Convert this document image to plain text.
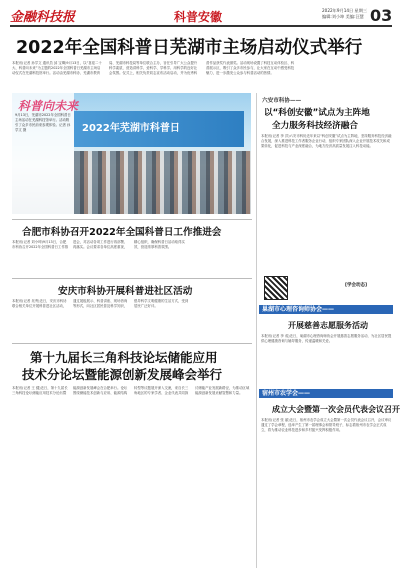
金融科技报	科普安徽	2022年9月14日 星期三
编辑:刘小坤 美编:汪慧 03
2022年全国科普日芜湖市主场启动仪式举行
本报讯(记者 孙学文 通讯员 邱 宝卿)9月13日，以“喜迎二十大、科普向未来”为主题的2022年全国科普日芜湖市主场启动仪式在芜湖科技馆举行。活动由芜湖市科协、芜湖市教育局、芜湖市科技局等单位联合主办，旨在引导广大公众提升科学素质，营造讲科学、爱科学、学科学、用科学的良好社会氛围。仪式上，相关负责同志宣布活动启动，并为优秀科普作品获奖代表颁奖。活动现场设置了科技互动体验区、科普展示区，吸引了众多市民参与，让大家在互动中感受科技魅力，进一步激发公众参与科普活动的热情。
2022年芜湖市科普日
科普向未来
9月13日，芜湖市2022年全国科普日主场活动在芜湖科技馆举行。活动吸引了众多市民前来参观体验。记者 孙学文 摄
六安市科协——
以“科创安徽”试点为主阵地
全力服务科技经济融合
本报讯(记者 李 洋)六安市科协近年来以“科创安徽”试点为主阵地，坚持服务科技经济融合发展，深入推进科技工作者服务企业行动，组织专家团队深入企业开展技术攻关和成果转化，促进科技与产业深度融合，为地方经济高质量发展注入科技动能。
[学会动态]
合肥市科协召开2022年全国科普日工作推进会
本报讯(记者 刘小坤)9月13日，合肥市科协召开2022年全国科普日工作推进会，对活动各项工作进行再部署、再落实。会议要求各单位高度重视，精心组织，确保科普日活动取得实效，营造浓厚科普氛围。
安庆市科协开展科普进社区活动
本报讯(记者 吴秀)近日，安庆市科协联合相关单位开展科普进社区活动，通过展板展示、科普讲座、现场咨询等形式，向社区居民普及科学知识，倡导科学文明健康的生活方式，受到居民广泛好评。
第十九届长三角科技论坛储能应用
技术分论坛暨能源创新发展峰会举行
本报讯(记者 王 健)近日，第十九届长三角科技论坛储能应用技术分论坛暨能源创新发展峰会在合肥举行。论坛围绕储能技术创新与应用、能源结构转型等议题展开深入交流，来自长三角地区的专家学者、企业代表共同探讨储能产业发展新路径，为推动区域能源创新发展贡献智慧和力量。
巢湖市心理咨询师协会——
开展慈善志愿服务活动
本报讯(记者 李 成)近日，巢湖市心理咨询师协会开展慈善志愿服务活动，为社区居民提供心理健康咨询与辅导服务，传递温暖和关爱。
宿州市农学会——
成立大会暨第一次会员代表会议召开
本报讯(记者 张 丽)近日，宿州市农学会成立大会暨第一次会员代表会议召开，会议审议通过了学会章程，选举产生了第一届理事会和领导班子，标志着宿州市农学会正式成立，将为推动农业科技进步和乡村振兴发挥积极作用。
